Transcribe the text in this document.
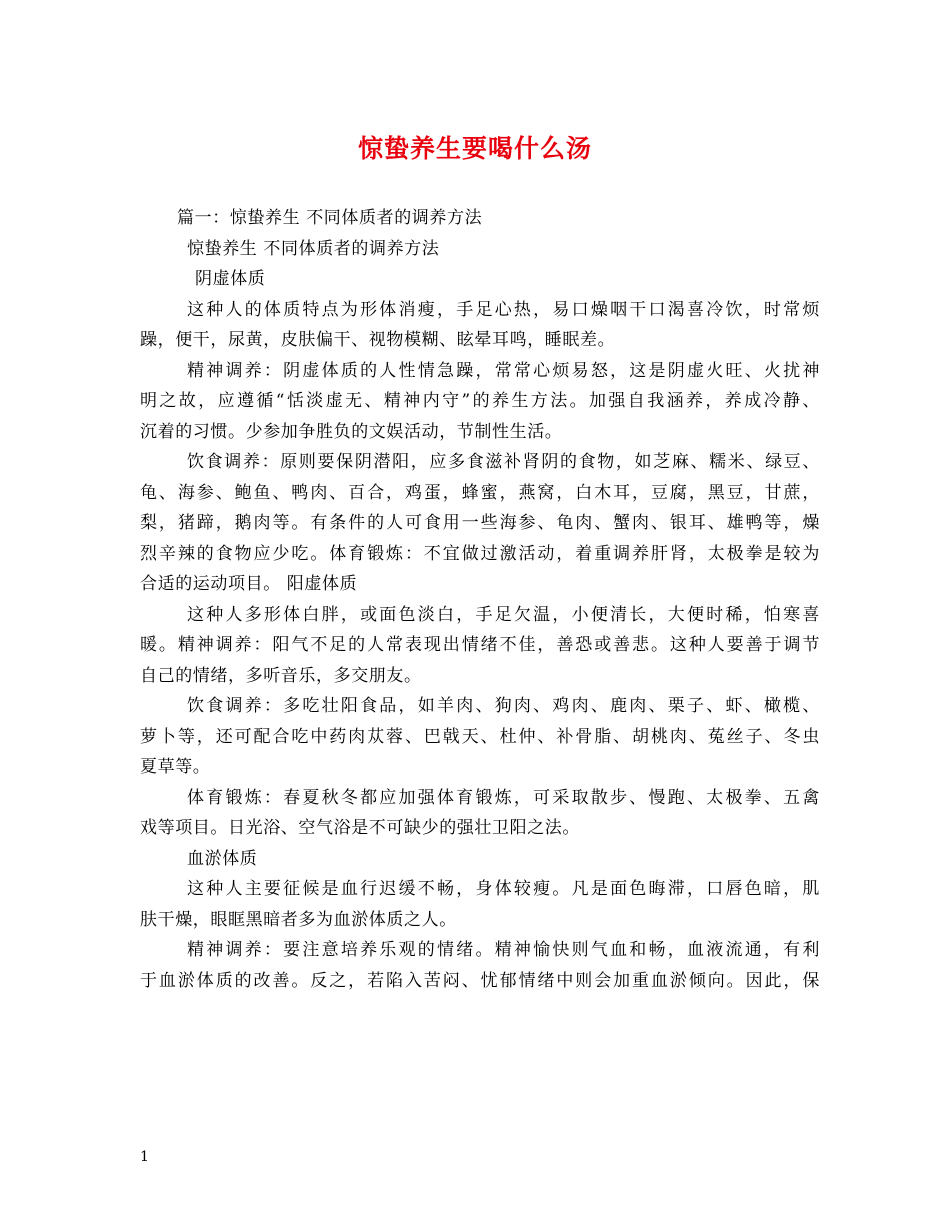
惊蛰养生要喝什么汤
篇一：惊蛰养生 不同体质者的调养方法
惊蛰养生 不同体质者的调养方法
阴虚体质
这种人的体质特点为形体消瘦，手足心热，易口燥咽干口渴喜冷饮，时常烦
躁，便干，尿黄，皮肤偏干、视物模糊、眩晕耳鸣，睡眠差。
精神调养：阴虚体质的人性情急躁，常常心烦易怒，这是阴虚火旺、火扰神
明之故，应遵循“恬淡虚无、精神内守”的养生方法。加强自我涵养，养成冷静、
沉着的习惯。少参加争胜负的文娱活动，节制性生活。
饮食调养：原则要保阴潜阳，应多食滋补肾阴的食物，如芝麻、糯米、绿豆、
龟、海参、鲍鱼、鸭肉、百合，鸡蛋，蜂蜜，燕窝，白木耳，豆腐，黑豆，甘蔗，
梨，猪蹄，鹅肉等。有条件的人可食用一些海参、龟肉、蟹肉、银耳、雄鸭等，燥
烈辛辣的食物应少吃。体育锻炼：不宜做过激活动，着重调养肝肾，太极拳是较为
合适的运动项目。 阳虚体质
这种人多形体白胖，或面色淡白，手足欠温，小便清长，大便时稀，怕寒喜
暖。精神调养：阳气不足的人常表现出情绪不佳，善恐或善悲。这种人要善于调节
自己的情绪，多听音乐，多交朋友。
饮食调养：多吃壮阳食品，如羊肉、狗肉、鸡肉、鹿肉、栗子、虾、橄榄、
萝卜等，还可配合吃中药肉苁蓉、巴戟天、杜仲、补骨脂、胡桃肉、菟丝子、冬虫
夏草等。
体育锻炼：春夏秋冬都应加强体育锻炼，可采取散步、慢跑、太极拳、五禽
戏等项目。日光浴、空气浴是不可缺少的强壮卫阳之法。
血淤体质
这种人主要征候是血行迟缓不畅，身体较瘦。凡是面色晦滞，口唇色暗，肌
肤干燥，眼眶黑暗者多为血淤体质之人。
精神调养：要注意培养乐观的情绪。精神愉快则气血和畅，血液流通，有利
于血淤体质的改善。反之，若陷入苦闷、忧郁情绪中则会加重血淤倾向。因此，保
1
